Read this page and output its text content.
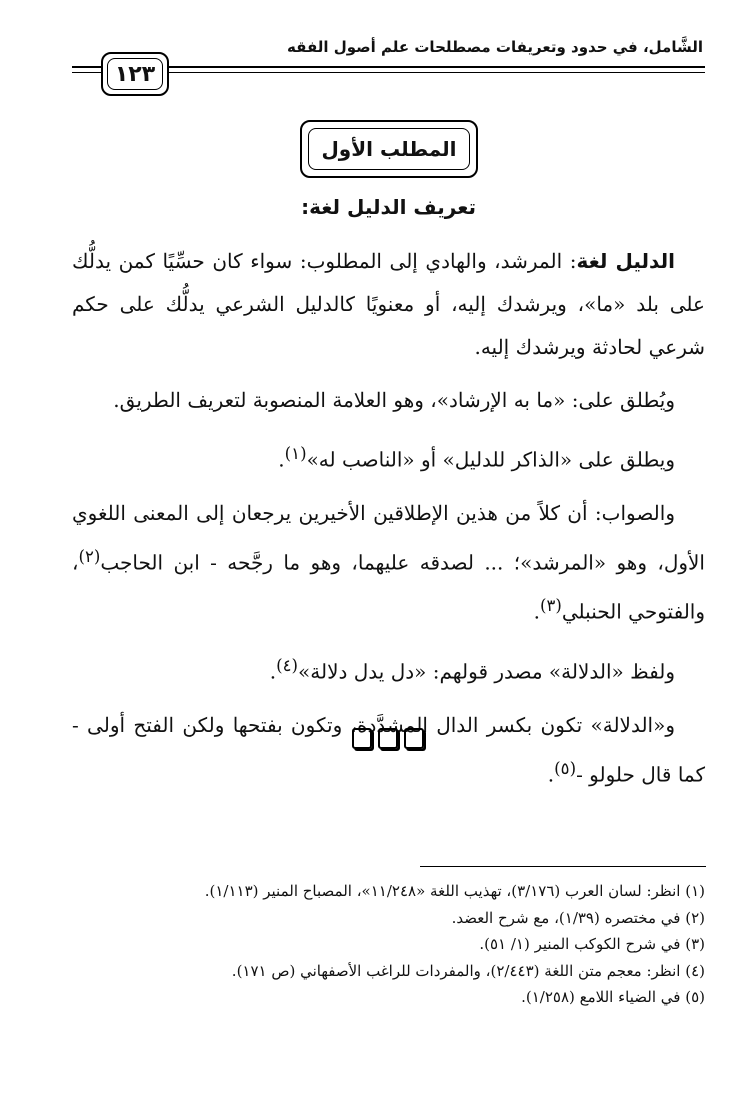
الشَّامل، في حدود وتعريفات مصطلحات علم أصول الفقه
١٢٣
المطلب الأول
تعريف الدليل لغة:

الدليل لغة: المرشد، والهادي إلى المطلوب: سواء كان حسِّيًا كمن يدلُّك على بلد «ما»، ويرشدك إليه، أو معنويًا كالدليل الشرعي يدلُّك على حكم شرعي لحادثة ويرشدك إليه.

ويُطلق على: «ما به الإرشاد»، وهو العلامة المنصوبة لتعريف الطريق.

ويطلق على «الذاكر للدليل» أو «الناصب له»$^{(١)}$.

والصواب: أن كلاً من هذين الإطلاقين الأخيرين يرجعان إلى المعنى اللغوي الأول، وهو «المرشد»؛ ... لصدقه عليهما، وهو ما رجَّحه - ابن الحاجب$^{(٢)}$، والفتوحي الحنبلي$^{(٣)}$.

ولفظ «الدلالة» مصدر قولهم: «دل يدل دلالة»$^{(٤)}$.

و«الدلالة» تكون بكسر الدال المشدَّدة، وتكون بفتحها ولكن الفتح أولى - كما قال حلولو -$^{(٥)}$.

(١) انظر: لسان العرب (٣/١٧٦)، تهذيب اللغة «١١/٢٤٨»، المصباح المنير (١/١١٣).
(٢) في مختصره (١/٣٩)، مع شرح العضد.
(٣) في شرح الكوكب المنير (١/ ٥١).
(٤) انظر: معجم متن اللغة (٢/٤٤٣)، والمفردات للراغب الأصفهاني (ص ١٧١).
(٥) في الضياء اللامع (١/٢٥٨).
